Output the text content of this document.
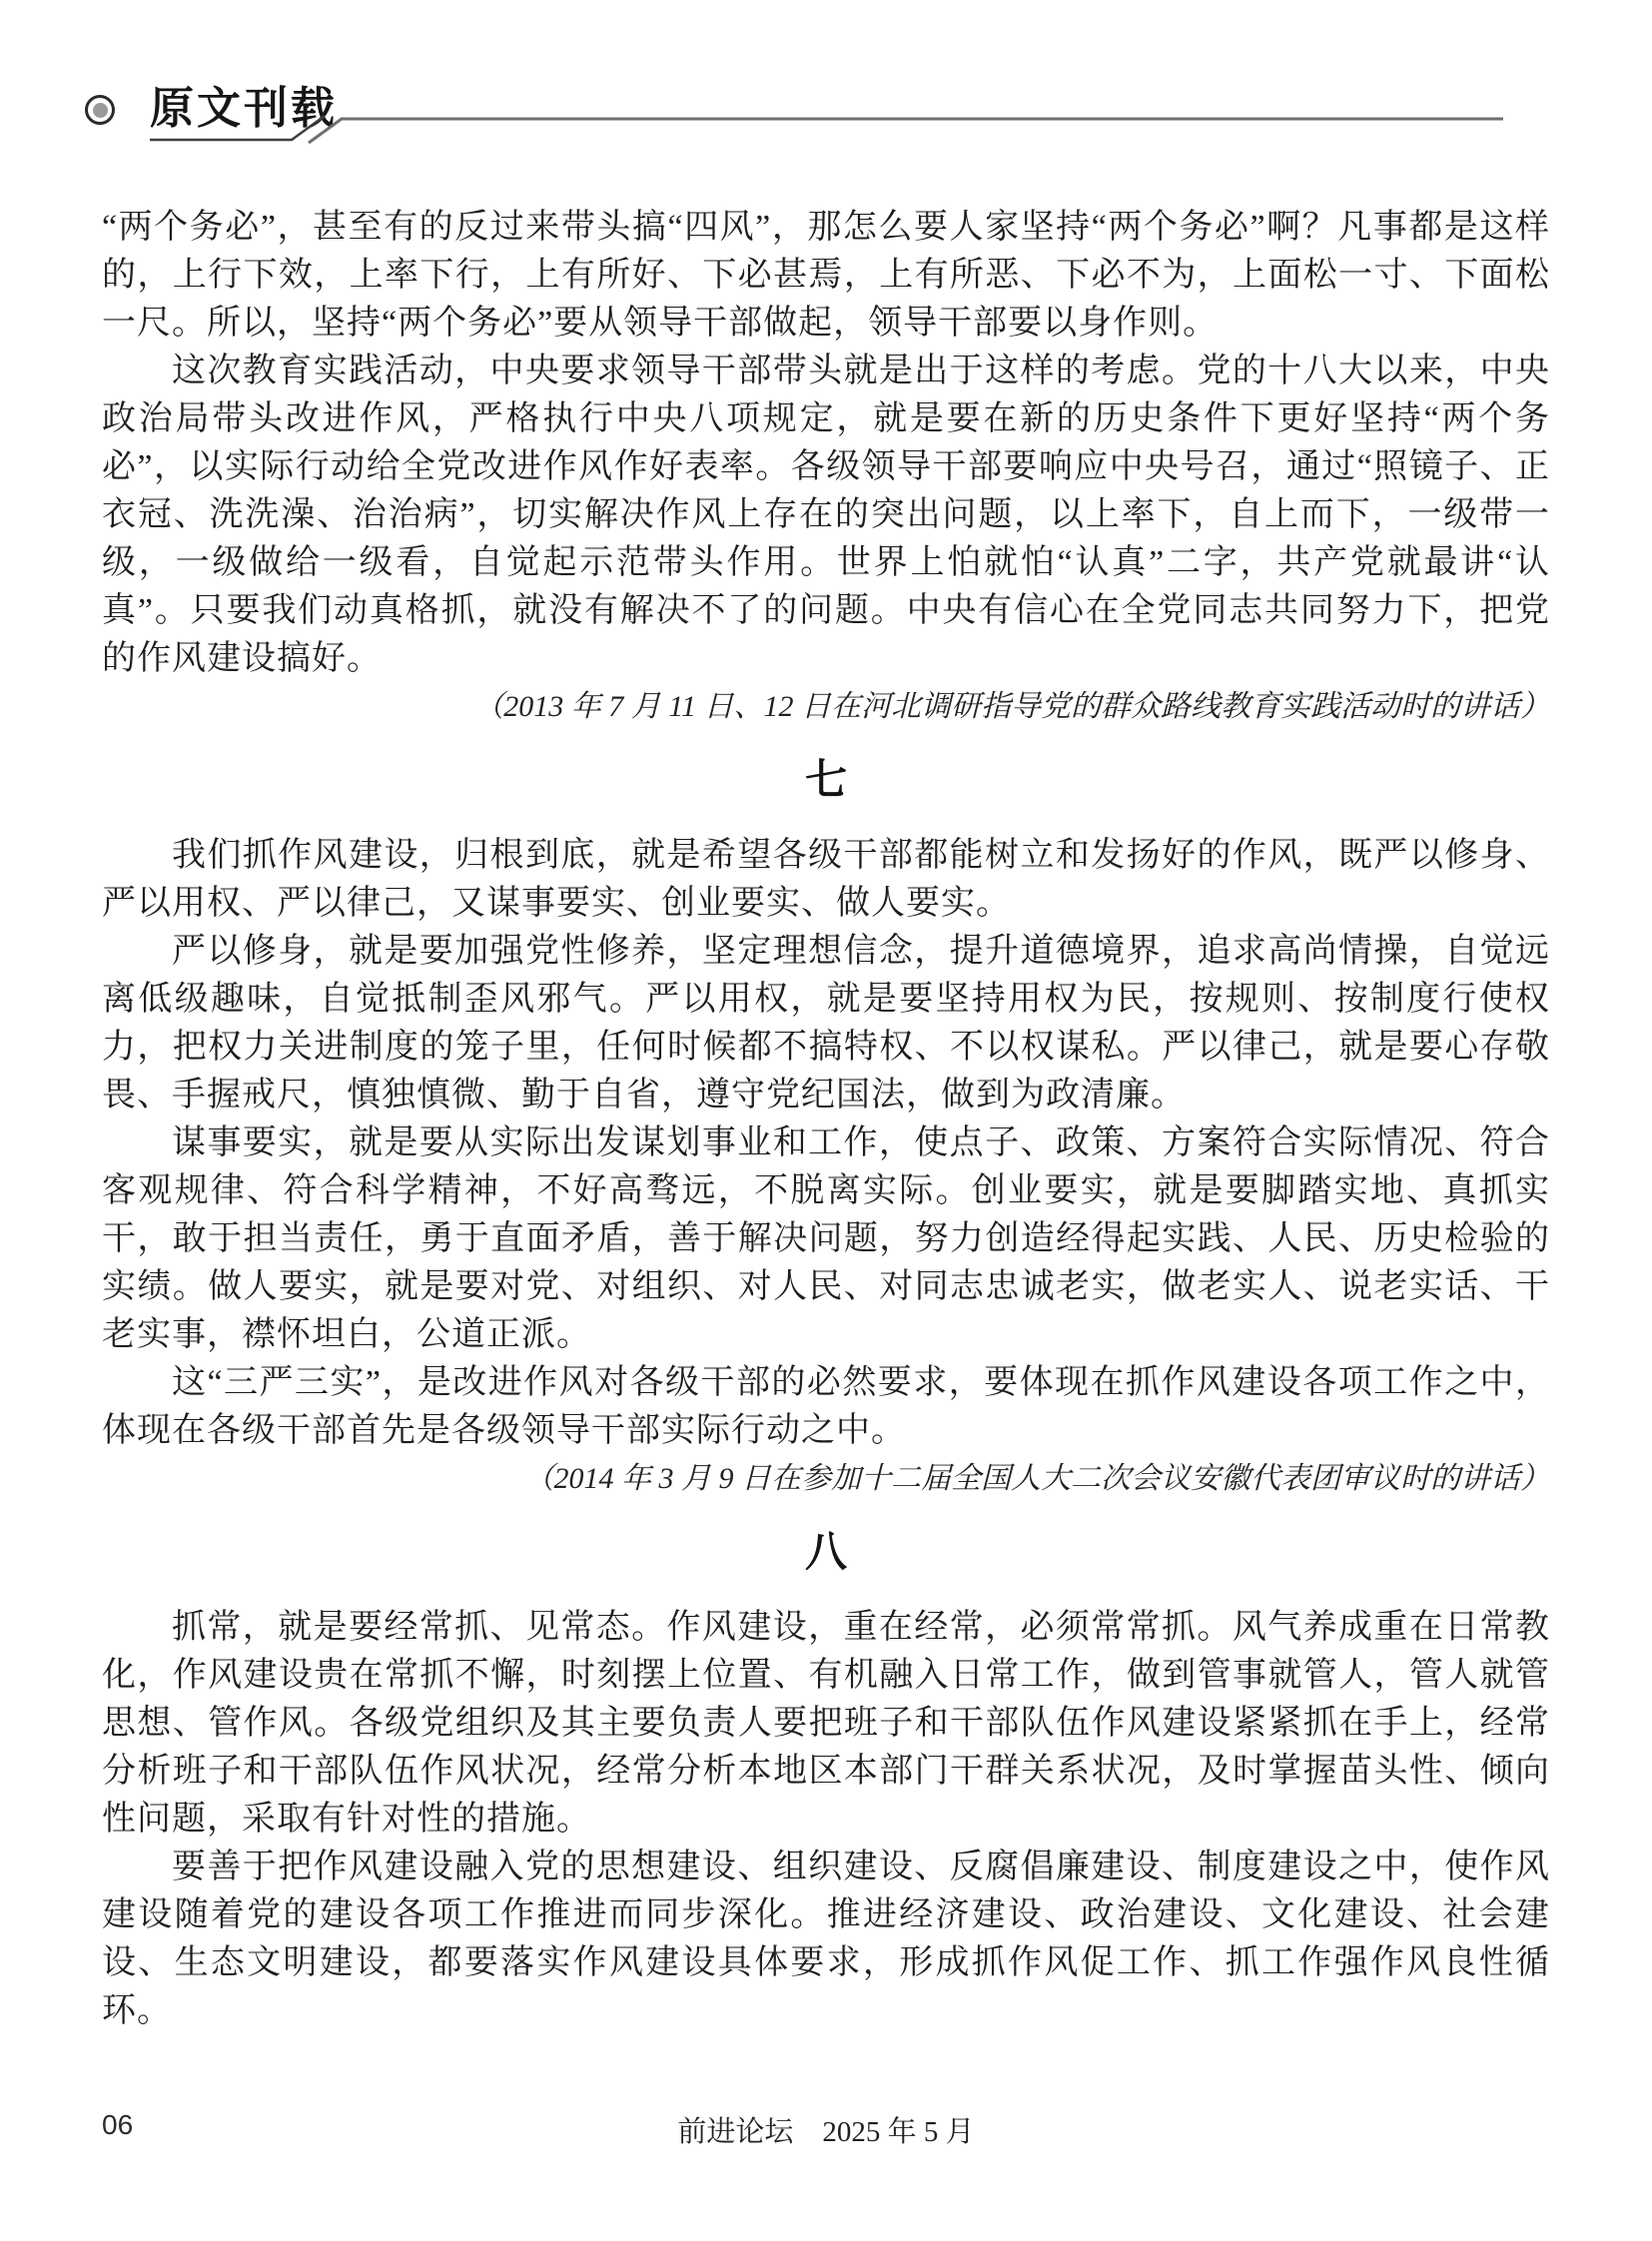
原文刊载

“两个务必”，甚至有的反过来带头搞“四风”，那怎么要人家坚持“两个务必”啊？凡事都是这样的，上行下效，上率下行，上有所好、下必甚焉，上有所恶、下必不为，上面松一寸、下面松一尺。所以，坚持“两个务必”要从领导干部做起，领导干部要以身作则。

这次教育实践活动，中央要求领导干部带头就是出于这样的考虑。党的十八大以来，中央政治局带头改进作风，严格执行中央八项规定，就是要在新的历史条件下更好坚持“两个务必”，以实际行动给全党改进作风作好表率。各级领导干部要响应中央号召，通过“照镜子、正衣冠、洗洗澡、治治病”，切实解决作风上存在的突出问题，以上率下，自上而下，一级带一级，一级做给一级看，自觉起示范带头作用。世界上怕就怕“认真”二字，共产党就最讲“认真”。只要我们动真格抓，就没有解决不了的问题。中央有信心在全党同志共同努力下，把党的作风建设搞好。

（2013 年 7 月 11 日、12 日在河北调研指导党的群众路线教育实践活动时的讲话）

七

我们抓作风建设，归根到底，就是希望各级干部都能树立和发扬好的作风，既严以修身、严以用权、严以律己，又谋事要实、创业要实、做人要实。

严以修身，就是要加强党性修养，坚定理想信念，提升道德境界，追求高尚情操，自觉远离低级趣味，自觉抵制歪风邪气。严以用权，就是要坚持用权为民，按规则、按制度行使权力，把权力关进制度的笼子里，任何时候都不搞特权、不以权谋私。严以律己，就是要心存敬畏、手握戒尺，慎独慎微、勤于自省，遵守党纪国法，做到为政清廉。

谋事要实，就是要从实际出发谋划事业和工作，使点子、政策、方案符合实际情况、符合客观规律、符合科学精神，不好高骛远，不脱离实际。创业要实，就是要脚踏实地、真抓实干，敢于担当责任，勇于直面矛盾，善于解决问题，努力创造经得起实践、人民、历史检验的实绩。做人要实，就是要对党、对组织、对人民、对同志忠诚老实，做老实人、说老实话、干老实事，襟怀坦白，公道正派。

这“三严三实”，是改进作风对各级干部的必然要求，要体现在抓作风建设各项工作之中，体现在各级干部首先是各级领导干部实际行动之中。

（2014 年 3 月 9 日在参加十二届全国人大二次会议安徽代表团审议时的讲话）

八

抓常，就是要经常抓、见常态。作风建设，重在经常，必须常常抓。风气养成重在日常教化，作风建设贵在常抓不懈，时刻摆上位置、有机融入日常工作，做到管事就管人，管人就管思想、管作风。各级党组织及其主要负责人要把班子和干部队伍作风建设紧紧抓在手上，经常分析班子和干部队伍作风状况，经常分析本地区本部门干群关系状况，及时掌握苗头性、倾向性问题，采取有针对性的措施。

要善于把作风建设融入党的思想建设、组织建设、反腐倡廉建设、制度建设之中，使作风建设随着党的建设各项工作推进而同步深化。推进经济建设、政治建设、文化建设、社会建设、生态文明建设，都要落实作风建设具体要求，形成抓作风促工作、抓工作强作风良性循环。

06	前进论坛　2025 年 5 月
